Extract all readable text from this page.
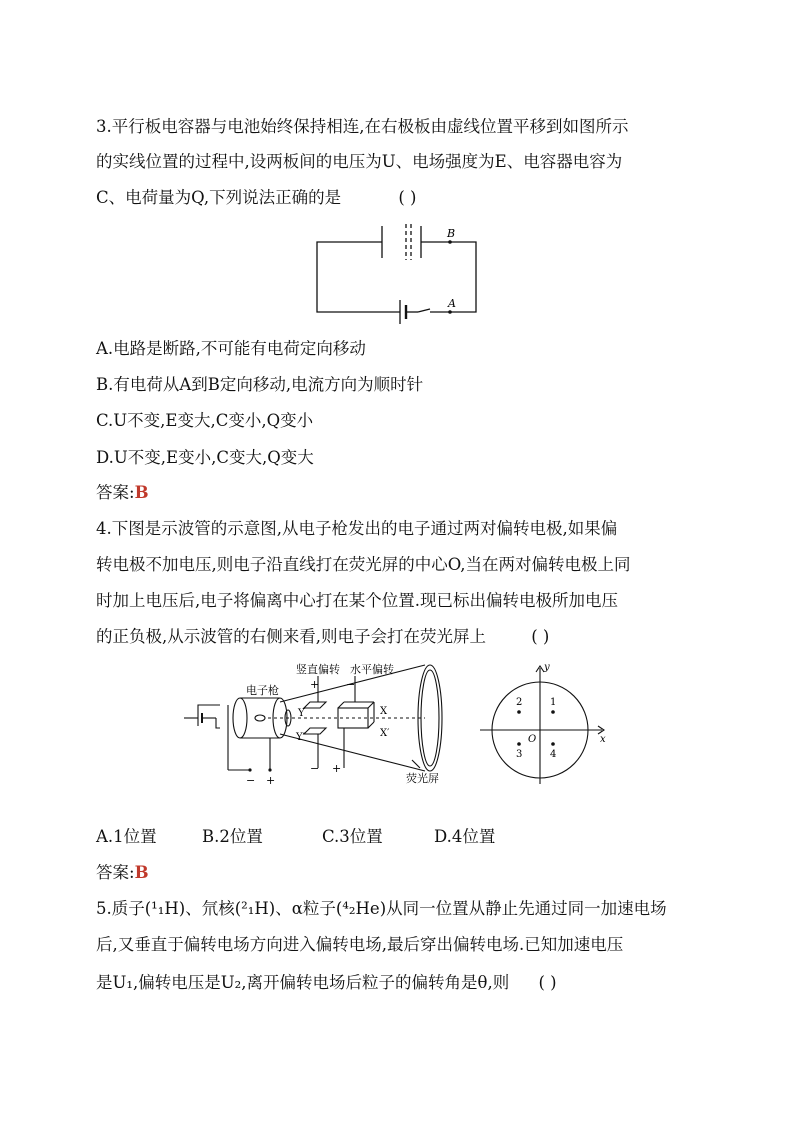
3.平行板电容器与电池始终保持相连,在右极板由虚线位置平移到如图所示
的实线位置的过程中,设两板间的电压为U、电场强度为E、电容器电容为
C、电荷量为Q,下列说法正确的是	( )
B
A
A.电路是断路,不可能有电荷定向移动
B.有电荷从A到B定向移动,电流方向为顺时针
C.U不变,E变大,C变小,Q变小
D.U不变,E变小,C变大,Q变大
答案:B
4.下图是示波管的示意图,从电子枪发出的电子通过两对偏转电极,如果偏
转电极不加电压,则电子沿直线打在荧光屏的中心O,当在两对偏转电极上同
时加上电压后,电子将偏离中心打在某个位置.现已标出偏转电极所加电压
的正负极,从示波管的右侧来看,则电子会打在荧光屏上	( )
电子枪
竖直偏转 水平偏转
+ −
Y
Y′
X
X′
− +
− +	荧光屏
y
x
O
2	1
3	4
A.1位置	B.2位置	C.3位置	D.4位置
答案:B
5.质子(¹₁H)、氘核(²₁H)、α粒子(⁴₂He)从同一位置从静止先通过同一加速电场
后,又垂直于偏转电场方向进入偏转电场,最后穿出偏转电场.已知加速电压
是U₁,偏转电压是U₂,离开偏转电场后粒子的偏转角是θ,则 ( )
